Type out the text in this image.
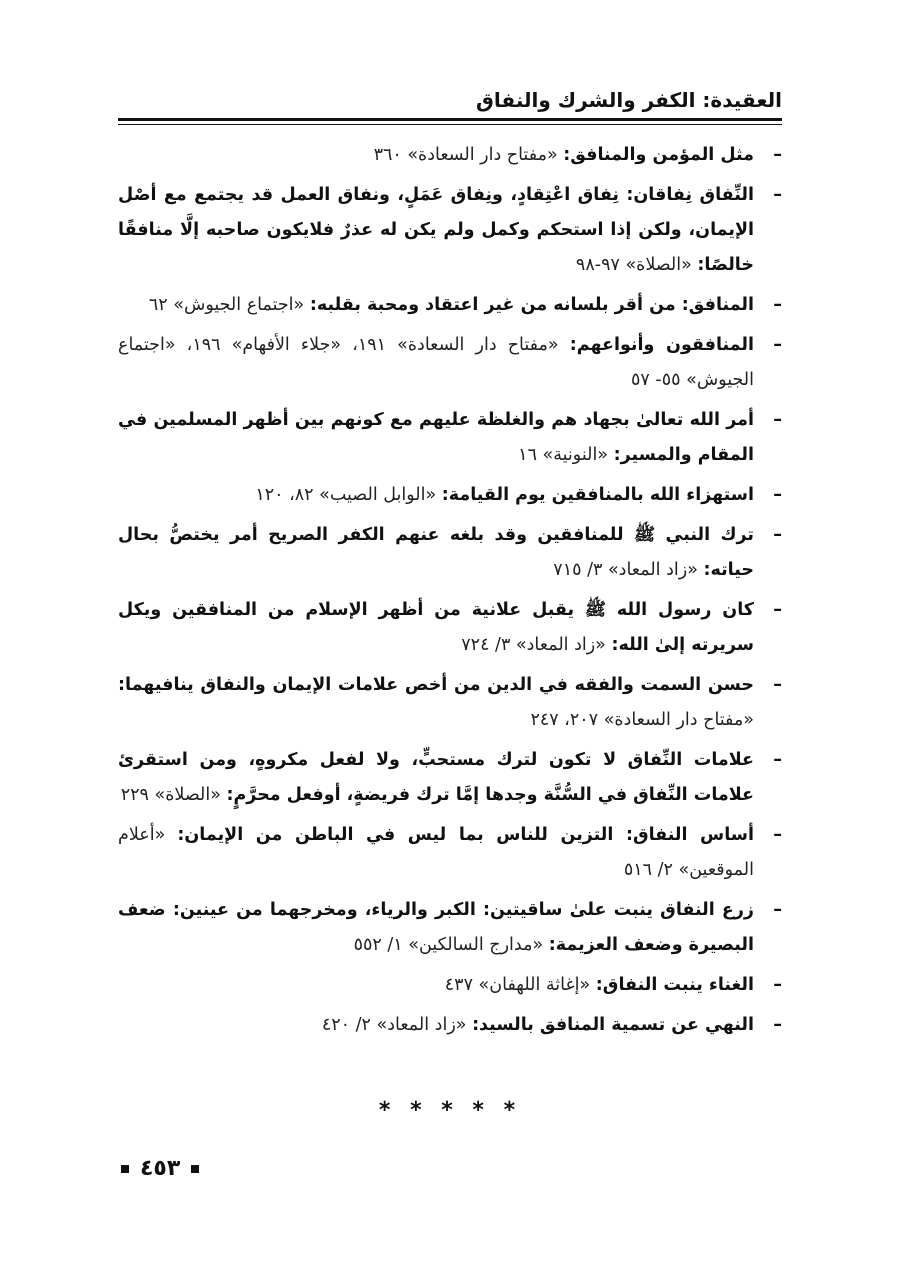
العقيدة: الكفر والشرك والنفاق
–
مثل المؤمن والمنافق: «مفتاح دار السعادة» ٣٦٠
–
النِّفاق نِفاقان: نِفاق اعْتِقادٍ، ونِفاق عَمَلٍ، ونفاق العمل قد يجتمع مع أصْل الإيمان، ولكن إذا استحكم وكمل ولم يكن له عذرٌ فلايكون صاحبه إلَّا منافقًا خالصًا: «الصلاة» ٩٧-٩٨
–
المنافق: من أقر بلسانه من غير اعتقاد ومحبة بقلبه: «اجتماع الجيوش» ٦٢
–
المنافقون وأنواعهم: «مفتاح دار السعادة» ١٩١، «جلاء الأفهام» ١٩٦، «اجتماع الجيوش» ٥٥- ٥٧
–
أمر الله تعالىٰ بجهاد هم والغلظة عليهم مع كونهم بين أظهر المسلمين في المقام والمسير: «النونية» ١٦
–
استهزاء الله بالمنافقين يوم القيامة: «الوابل الصيب» ٨٢، ١٢٠
–
ترك النبي ﷺ للمنافقين وقد بلغه عنهم الكفر الصريح أمر يختصُّ بحال حياته: «زاد المعاد» ٣/ ٧١٥
–
كان رسول الله ﷺ يقبل علانية من أظهر الإسلام من المنافقين ويكل سريرته إلىٰ الله: «زاد المعاد» ٣/ ٧٢٤
–
حسن السمت والفقه في الدين من أخص علامات الإيمان والنفاق ينافيهما: «مفتاح دار السعادة» ٢٠٧، ٢٤٧
–
علامات النِّفاق لا تكون لترك مستحبٍّ، ولا لفعل مكروهٍ، ومن استقرئ علامات النِّفاق في السُّنَّة وجدها إمَّا ترك فريضةٍ، أوفعل محرَّمٍ: «الصلاة» ٢٢٩
–
أساس النفاق: التزين للناس بما ليس في الباطن من الإيمان: «أعلام الموقعين» ٢/ ٥١٦
–
زرع النفاق ينبت علىٰ ساقيتين: الكبر والرياء، ومخرجهما من عينين: ضعف البصيرة وضعف العزيمة: «مدارج السالكين» ١/ ٥٥٢
–
الغناء ينبت النفاق: «إغاثة اللهفان» ٤٣٧
–
النهي عن تسمية المنافق بالسيد: «زاد المعاد» ٢/ ٤٢٠
* * * * *
٤٥٣
